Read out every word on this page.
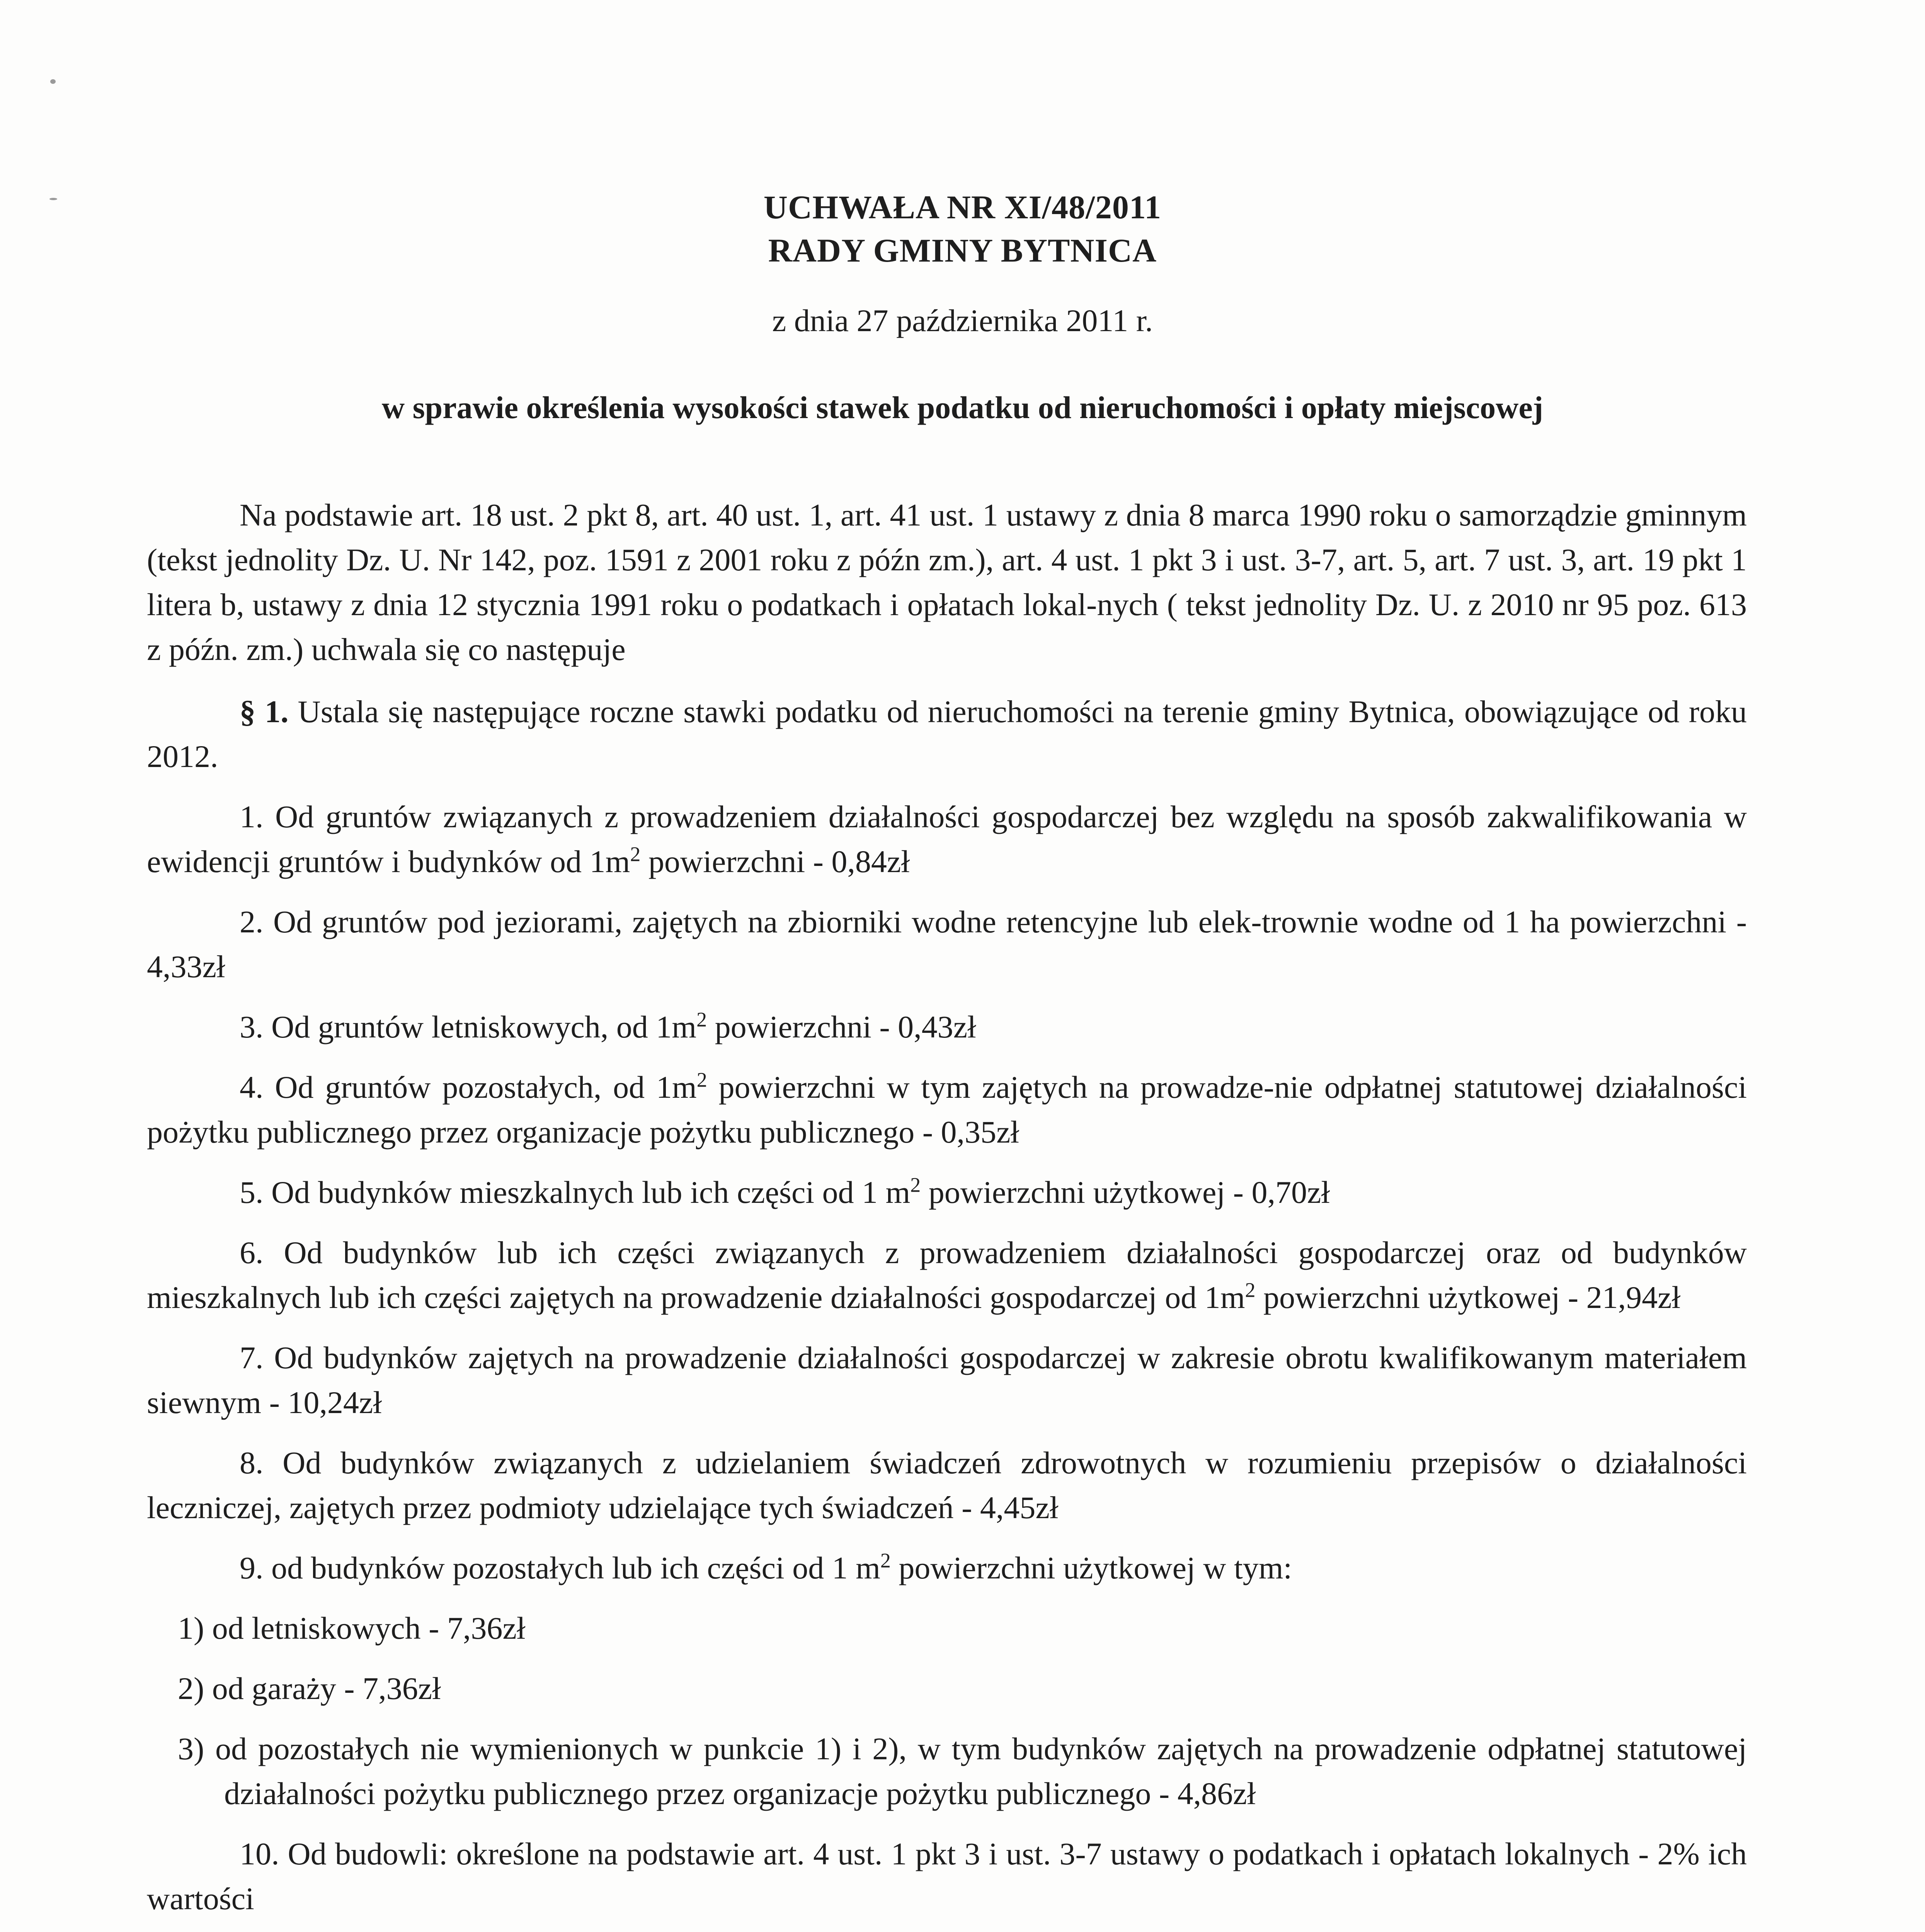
UCHWAŁA NR XI/48/2011
RADY GMINY BYTNICA
z dnia 27 października 2011 r.
w sprawie określenia wysokości stawek podatku od nieruchomości i opłaty miejscowej

Na podstawie art. 18 ust. 2 pkt 8, art. 40 ust. 1, art. 41 ust. 1 ustawy z dnia 8 marca 1990 roku o samorządzie gminnym (tekst jednolity Dz. U. Nr 142, poz. 1591 z 2001 roku z późn zm.), art. 4 ust. 1 pkt 3 i ust. 3-7, art. 5, art. 7 ust. 3, art. 19 pkt 1 litera b, ustawy z dnia 12 stycznia 1991 roku o podatkach i opłatach lokal-nych ( tekst jednolity Dz. U. z 2010 nr 95 poz. 613 z późn. zm.) uchwala się co następuje

§ 1. Ustala się następujące roczne stawki podatku od nieruchomości na terenie gminy Bytnica, obowiązujące od roku 2012.

1. Od gruntów związanych z prowadzeniem działalności gospodarczej bez względu na sposób zakwalifikowania w ewidencji gruntów i budynków od $1m^2$ powierzchni - 0,84zł

2. Od gruntów pod jeziorami, zajętych na zbiorniki wodne retencyjne lub elek-trownie wodne od 1 ha powierzchni - 4,33zł

3. Od gruntów letniskowych, od $1m^2$ powierzchni - 0,43zł

4. Od gruntów pozostałych, od $1m^2$ powierzchni w tym zajętych na prowadze-nie odpłatnej statutowej działalności pożytku publicznego przez organizacje pożytku publicznego - 0,35zł

5. Od budynków mieszkalnych lub ich części od 1 $m^2$ powierzchni użytkowej - 0,70zł

6. Od budynków lub ich części związanych z prowadzeniem działalności gospodarczej oraz od budynków mieszkalnych lub ich części zajętych na prowadzenie działalności gospodarczej od $1m^2$ powierzchni użytkowej - 21,94zł

7. Od budynków zajętych na prowadzenie działalności gospodarczej w zakresie obrotu kwalifikowanym materiałem siewnym - 10,24zł

8. Od budynków związanych z udzielaniem świadczeń zdrowotnych w rozumieniu przepisów o działalności leczniczej, zajętych przez podmioty udzielające tych świadczeń - 4,45zł

9. od budynków pozostałych lub ich części od 1 $m^2$ powierzchni użytkowej w tym:

1) od letniskowych - 7,36zł

2) od garaży - 7,36zł

3) od pozostałych nie wymienionych w punkcie 1) i 2), w tym budynków zajętych na prowadzenie odpłatnej statutowej działalności pożytku publicznego przez organizacje pożytku publicznego - 4,86zł

10. Od budowli: określone na podstawie art. 4 ust. 1 pkt 3 i ust. 3-7 ustawy o podatkach i opłatach lokalnych - 2% ich wartości
